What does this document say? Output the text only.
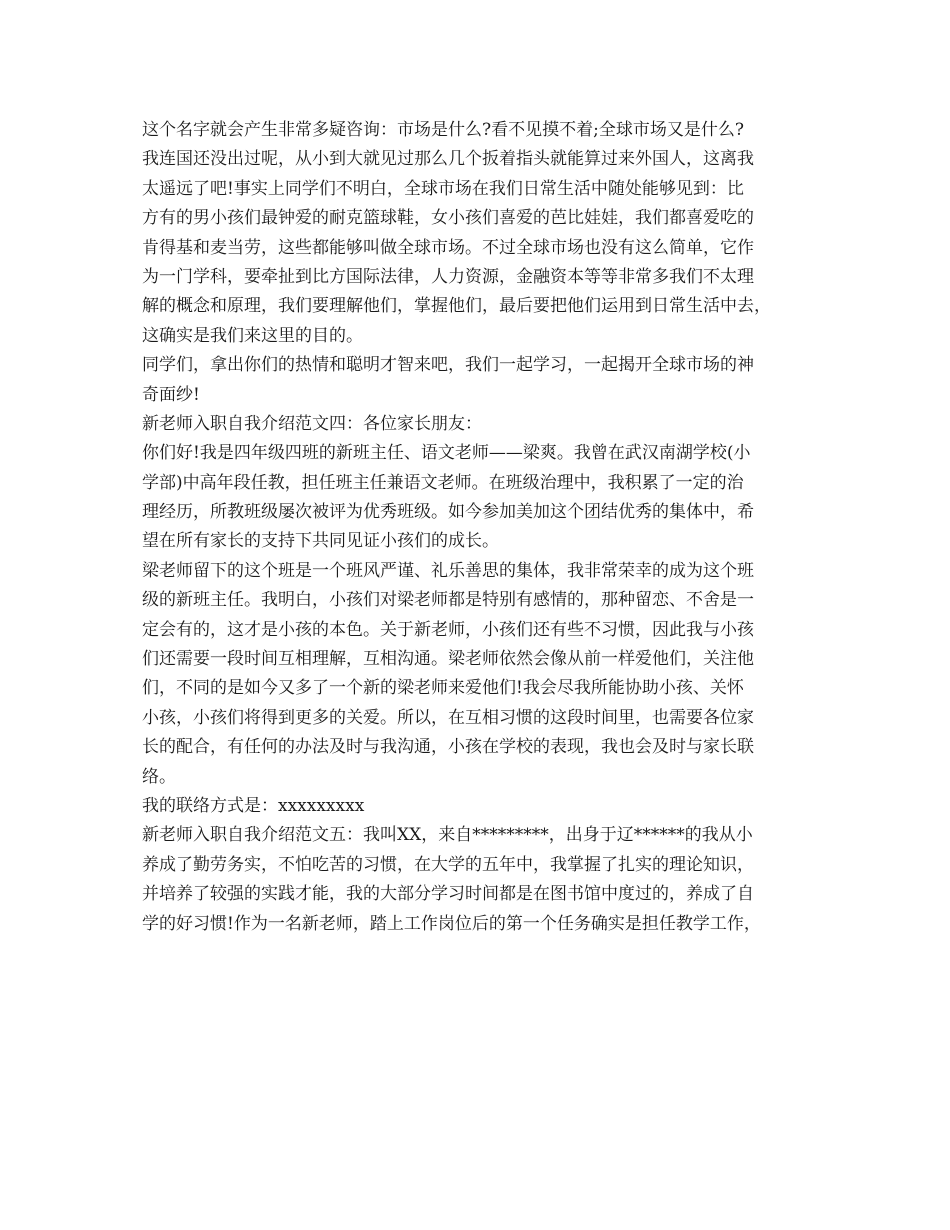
这个名字就会产生非常多疑咨询：市场是什么?看不见摸不着;全球市场又是什么?
我连国还没出过呢，从小到大就见过那么几个扳着指头就能算过来外国人，这离我
太遥远了吧!事实上同学们不明白，全球市场在我们日常生活中随处能够见到：比
方有的男小孩们最钟爱的耐克篮球鞋，女小孩们喜爱的芭比娃娃，我们都喜爱吃的
肯得基和麦当劳，这些都能够叫做全球市场。不过全球市场也没有这么简单，它作
为一门学科，要牵扯到比方国际法律，人力资源，金融资本等等非常多我们不太理
解的概念和原理，我们要理解他们，掌握他们，最后要把他们运用到日常生活中去，
这确实是我们来这里的目的。
同学们，拿出你们的热情和聪明才智来吧，我们一起学习，一起揭开全球市场的神
奇面纱!
新老师入职自我介绍范文四：各位家长朋友：
你们好!我是四年级四班的新班主任、语文老师——梁爽。我曾在武汉南湖学校(小
学部)中高年段任教，担任班主任兼语文老师。在班级治理中，我积累了一定的治
理经历，所教班级屡次被评为优秀班级。如今参加美加这个团结优秀的集体中，希
望在所有家长的支持下共同见证小孩们的成长。
梁老师留下的这个班是一个班风严谨、礼乐善思的集体，我非常荣幸的成为这个班
级的新班主任。我明白，小孩们对梁老师都是特别有感情的，那种留恋、不舍是一
定会有的，这才是小孩的本色。关于新老师，小孩们还有些不习惯，因此我与小孩
们还需要一段时间互相理解，互相沟通。梁老师依然会像从前一样爱他们，关注他
们，不同的是如今又多了一个新的梁老师来爱他们!我会尽我所能协助小孩、关怀
小孩，小孩们将得到更多的关爱。所以，在互相习惯的这段时间里，也需要各位家
长的配合，有任何的办法及时与我沟通，小孩在学校的表现，我也会及时与家长联
络。
我的联络方式是：xxxxxxxxx
新老师入职自我介绍范文五：我叫XX，来自*********，出身于辽******的我从小
养成了勤劳务实，不怕吃苦的习惯，在大学的五年中，我掌握了扎实的理论知识，
并培养了较强的实践才能，我的大部分学习时间都是在图书馆中度过的，养成了自
学的好习惯!作为一名新老师，踏上工作岗位后的第一个任务确实是担任教学工作，
